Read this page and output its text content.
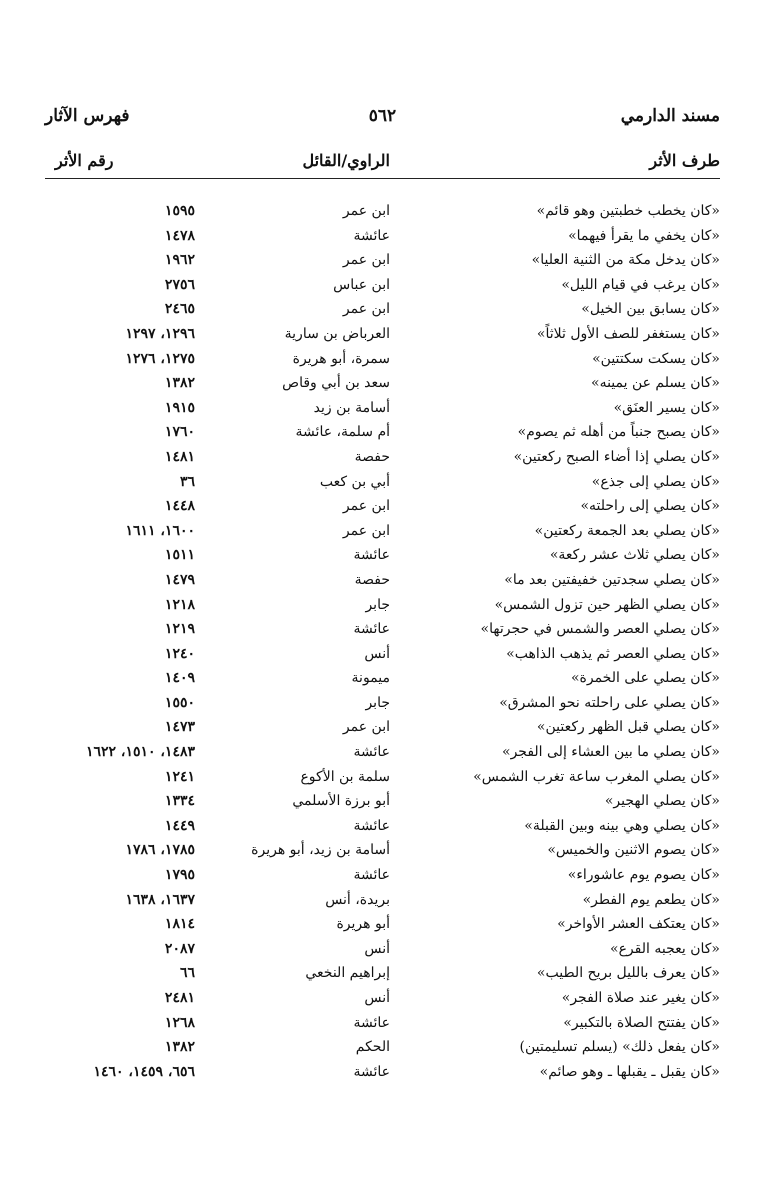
فهرس الآثار	٥٦٢	مسند الدارمي
طرف الأثر
الراوي/القائل
رقم الأثر
«كان يخطب خطبتين وهو قائم»
ابن عمر
١٥٩٥
«كان يخفي ما يقرأ فيهما»
عائشة
١٤٧٨
«كان يدخل مكة من الثنية العليا»
ابن عمر
١٩٦٢
«كان يرغب في قيام الليل»
ابن عباس
٢٧٥٦
«كان يسابق بين الخيل»
ابن عمر
٢٤٦٥
«كان يستغفر للصف الأول ثلاثاً»
العرباض بن سارية
١٢٩٦، ١٢٩٧
«كان يسكت سكتتين»
سمرة، أبو هريرة
١٢٧٥، ١٢٧٦
«كان يسلم عن يمينه»
سعد بن أبي وقاص
١٣٨٢
«كان يسير العنَق»
أسامة بن زيد
١٩١٥
«كان يصبح جنباً من أهله ثم يصوم»
أم سلمة، عائشة
١٧٦٠
«كان يصلي إذا أضاء الصبح ركعتين»
حفصة
١٤٨١
«كان يصلي إلى جذع»
أبي بن كعب
٣٦
«كان يصلي إلى راحلته»
ابن عمر
١٤٤٨
«كان يصلي بعد الجمعة ركعتين»
ابن عمر
١٦٠٠، ١٦١١
«كان يصلي ثلاث عشر ركعة»
عائشة
١٥١١
«كان يصلي سجدتين خفيفتين بعد ما»
حفصة
١٤٧٩
«كان يصلي الظهر حين تزول الشمس»
جابر
١٢١٨
«كان يصلي العصر والشمس في حجرتها»
عائشة
١٢١٩
«كان يصلي العصر ثم يذهب الذاهب»
أنس
١٢٤٠
«كان يصلي على الخمرة»
ميمونة
١٤٠٩
«كان يصلي على راحلته نحو المشرق»
جابر
١٥٥٠
«كان يصلي قبل الظهر ركعتين»
ابن عمر
١٤٧٣
«كان يصلي ما بين العشاء إلى الفجر»
عائشة
١٤٨٣، ١٥١٠، ١٦٢٢
«كان يصلي المغرب ساعة تغرب الشمس»
سلمة بن الأكوع
١٢٤١
«كان يصلي الهجير»
أبو برزة الأسلمي
١٣٣٤
«كان يصلي وهي بينه وبين القبلة»
عائشة
١٤٤٩
«كان يصوم الاثنين والخميس»
أسامة بن زيد، أبو هريرة
١٧٨٥، ١٧٨٦
«كان يصوم يوم عاشوراء»
عائشة
١٧٩٥
«كان يطعم يوم الفطر»
بريدة، أنس
١٦٣٧، ١٦٣٨
«كان يعتكف العشر الأواخر»
أبو هريرة
١٨١٤
«كان يعجبه القرع»
أنس
٢٠٨٧
«كان يعرف بالليل بريح الطيب»
إبراهيم النخعي
٦٦
«كان يغير عند صلاة الفجر»
أنس
٢٤٨١
«كان يفتتح الصلاة بالتكبير»
عائشة
١٢٦٨
«كان يفعل ذلك» (يسلم تسليمتين)
الحكم
١٣٨٢
«كان يقبل ـ يقبلها ـ وهو صائم»
عائشة
٦٥٦، ١٤٥٩، ١٤٦٠
